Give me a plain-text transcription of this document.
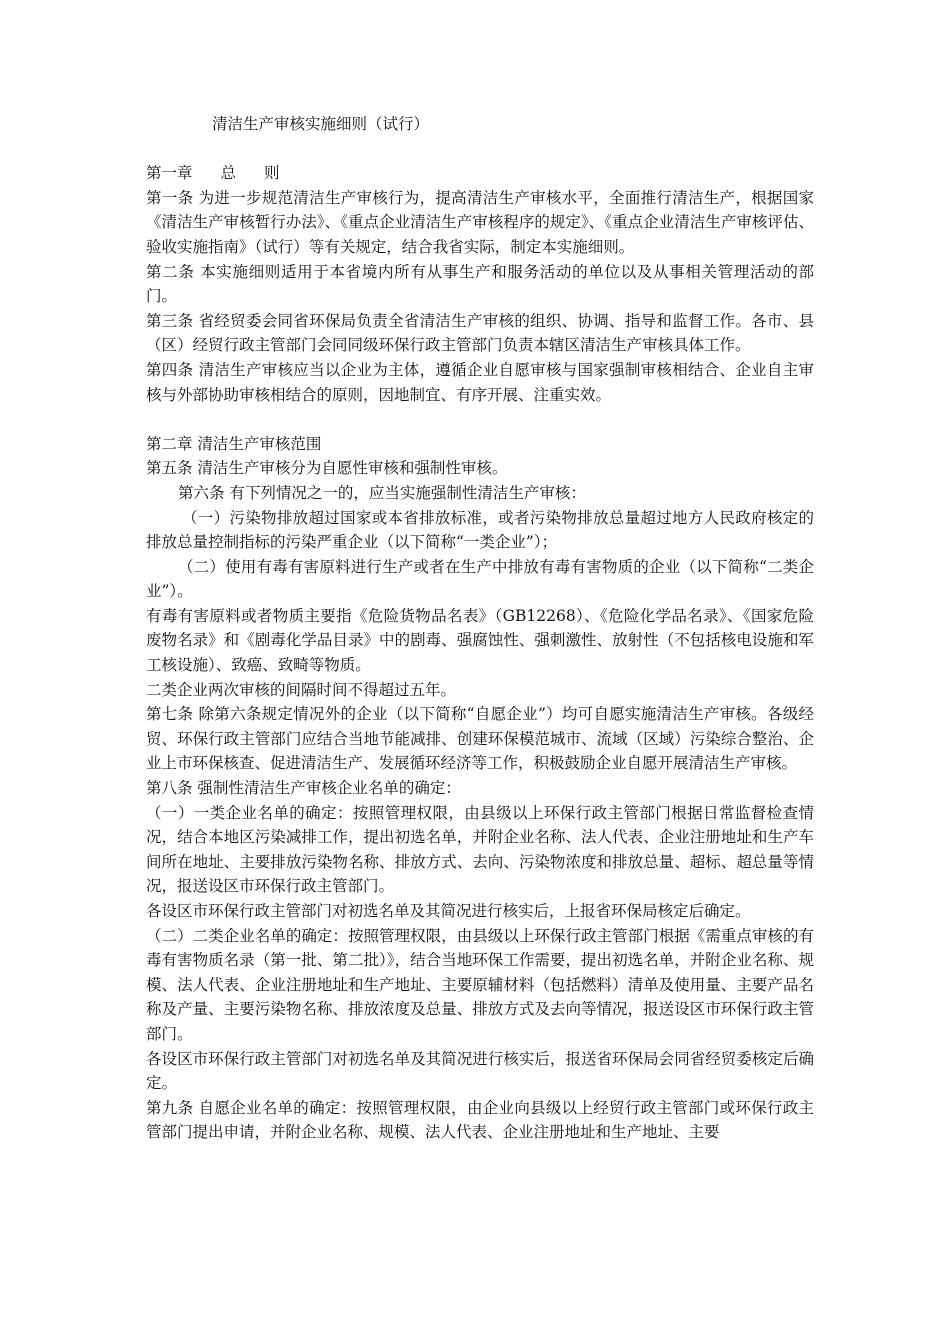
清洁生产审核实施细则（试行）

第一章 总 则

第一条 为进一步规范清洁生产审核行为，提高清洁生产审核水平，全面推行清洁生产，根据国家《清洁生产审核暂行办法》、《重点企业清洁生产审核程序的规定》、《重点企业清洁生产审核评估、验收实施指南》（试行）等有关规定，结合我省实际，制定本实施细则。

第二条 本实施细则适用于本省境内所有从事生产和服务活动的单位以及从事相关管理活动的部门。

第三条 省经贸委会同省环保局负责全省清洁生产审核的组织、协调、指导和监督工作。各市、县（区）经贸行政主管部门会同同级环保行政主管部门负责本辖区清洁生产审核具体工作。

第四条 清洁生产审核应当以企业为主体，遵循企业自愿审核与国家强制审核相结合、企业自主审核与外部协助审核相结合的原则，因地制宜、有序开展、注重实效。

第二章 清洁生产审核范围

第五条 清洁生产审核分为自愿性审核和强制性审核。

第六条 有下列情况之一的，应当实施强制性清洁生产审核：

（一）污染物排放超过国家或本省排放标准，或者污染物排放总量超过地方人民政府核定的排放总量控制指标的污染严重企业（以下简称“一类企业”）；

（二）使用有毒有害原料进行生产或者在生产中排放有毒有害物质的企业（以下简称“二类企业”）。

有毒有害原料或者物质主要指《危险货物品名表》（GB12268）、《危险化学品名录》、《国家危险废物名录》和《剧毒化学品目录》中的剧毒、强腐蚀性、强刺激性、放射性（不包括核电设施和军工核设施）、致癌、致畸等物质。

二类企业两次审核的间隔时间不得超过五年。

第七条 除第六条规定情况外的企业（以下简称“自愿企业”）均可自愿实施清洁生产审核。各级经贸、环保行政主管部门应结合当地节能减排、创建环保模范城市、流域（区域）污染综合整治、企业上市环保核查、促进清洁生产、发展循环经济等工作，积极鼓励企业自愿开展清洁生产审核。

第八条 强制性清洁生产审核企业名单的确定：

（一）一类企业名单的确定：按照管理权限，由县级以上环保行政主管部门根据日常监督检查情况，结合本地区污染减排工作，提出初选名单，并附企业名称、法人代表、企业注册地址和生产车间所在地址、主要排放污染物名称、排放方式、去向、污染物浓度和排放总量、超标、超总量等情况，报送设区市环保行政主管部门。

各设区市环保行政主管部门对初选名单及其简况进行核实后，上报省环保局核定后确定。

（二）二类企业名单的确定：按照管理权限，由县级以上环保行政主管部门根据《需重点审核的有毒有害物质名录（第一批、第二批）》，结合当地环保工作需要，提出初选名单，并附企业名称、规模、法人代表、企业注册地址和生产地址、主要原辅材料（包括燃料）清单及使用量、主要产品名称及产量、主要污染物名称、排放浓度及总量、排放方式及去向等情况，报送设区市环保行政主管部门。

各设区市环保行政主管部门对初选名单及其简况进行核实后，报送省环保局会同省经贸委核定后确定。

第九条 自愿企业名单的确定：按照管理权限，由企业向县级以上经贸行政主管部门或环保行政主管部门提出申请，并附企业名称、规模、法人代表、企业注册地址和生产地址、主要
